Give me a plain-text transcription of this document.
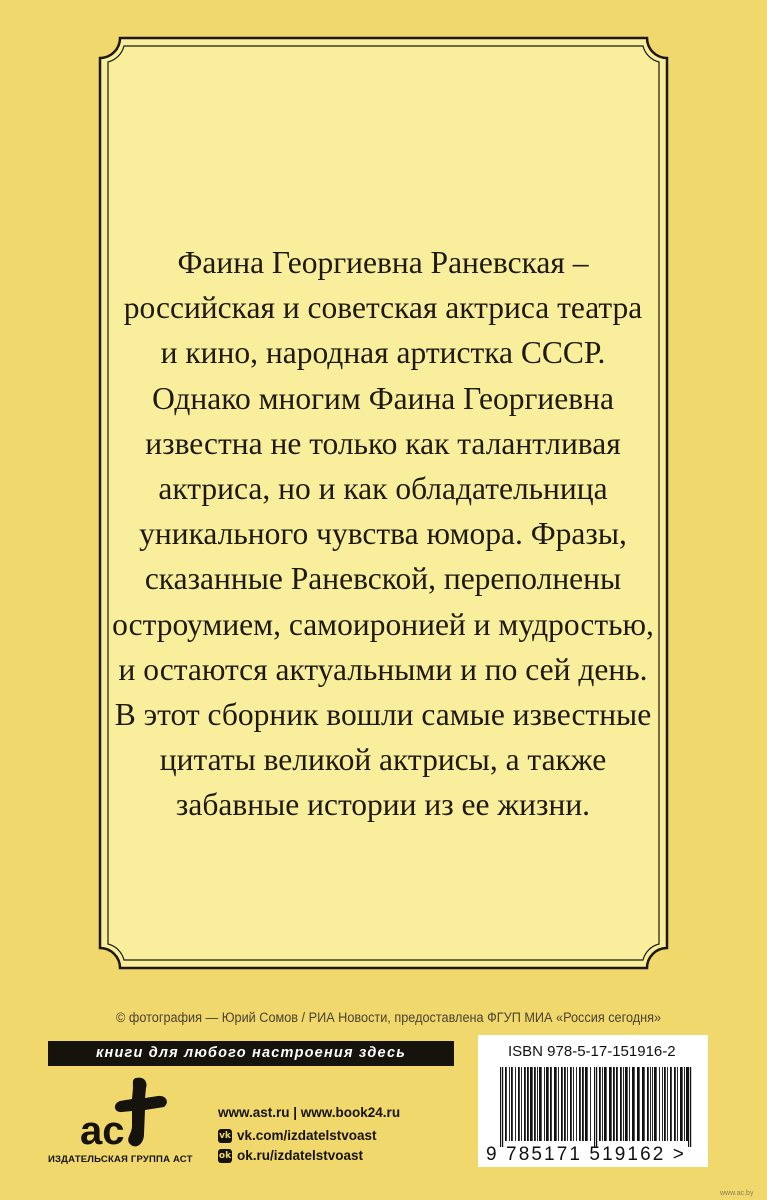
Фаина Георгиевна Раневская –
российская и советская актриса театра
и кино, народная артистка СССР.
Однако многим Фаина Георгиевна
известна не только как талантливая
актриса, но и как обладательница
уникального чувства юмора. Фразы,
сказанные Раневской, переполнены
остроумием, самоиронией и мудростью,
и остаются актуальными и по сей день.
В этот сборник вошли самые известные
цитаты великой актрисы, а также
забавные истории из ее жизни.
© фотография — Юрий Сомов / РИА Новости, предоставлена ФГУП МИА «Россия сегодня»
книги для любого настроения здесь
ас
ИЗДАТЕЛЬСКАЯ ГРУППА АСТ
www.ast.ru | www.book24.ru
vk vk.com/izdatelstvoast
ok ok.ru/izdatelstvoast
ISBN 978-5-17-151916-2
9 785171 519162 >
www.ac.by
